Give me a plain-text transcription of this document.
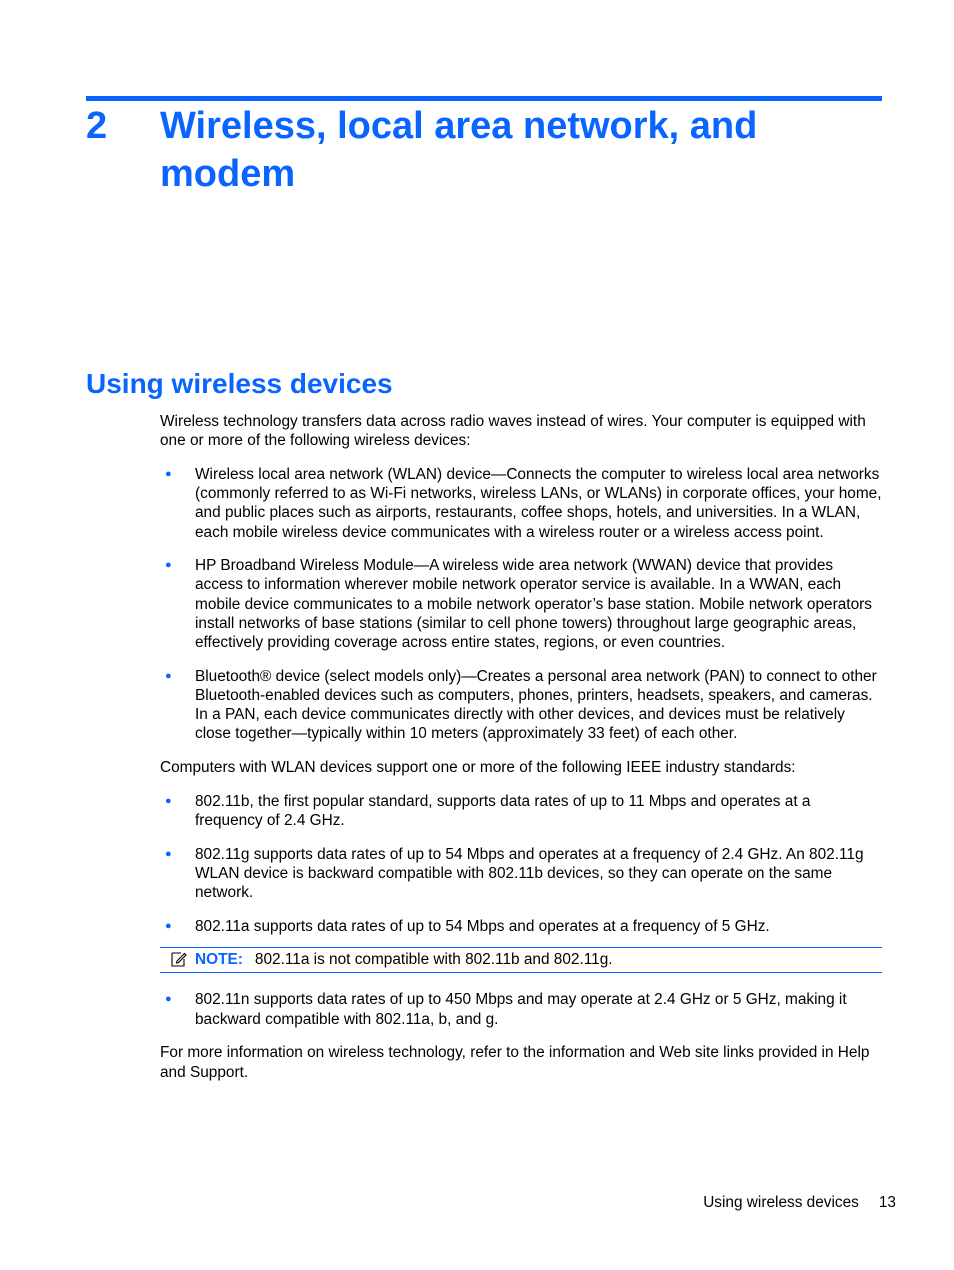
2 Wireless, local area network, and
modem
Using wireless devices

Wireless technology transfers data across radio waves instead of wires. Your computer is equipped with one or more of the following wireless devices:

● Wireless local area network (WLAN) device—Connects the computer to wireless local area networks (commonly referred to as Wi-Fi networks, wireless LANs, or WLANs) in corporate offices, your home, and public places such as airports, restaurants, coffee shops, hotels, and universities. In a WLAN, each mobile wireless device communicates with a wireless router or a wireless access point.
● HP Broadband Wireless Module—A wireless wide area network (WWAN) device that provides access to information wherever mobile network operator service is available. In a WWAN, each mobile device communicates to a mobile network operator’s base station. Mobile network operators install networks of base stations (similar to cell phone towers) throughout large geographic areas, effectively providing coverage across entire states, regions, or even countries.
● Bluetooth® device (select models only)—Creates a personal area network (PAN) to connect to other Bluetooth-enabled devices such as computers, phones, printers, headsets, speakers, and cameras. In a PAN, each device communicates directly with other devices, and devices must be relatively close together—typically within 10 meters (approximately 33 feet) of each other.

Computers with WLAN devices support one or more of the following IEEE industry standards:

● 802.11b, the first popular standard, supports data rates of up to 11 Mbps and operates at a frequency of 2.4 GHz.
● 802.11g supports data rates of up to 54 Mbps and operates at a frequency of 2.4 GHz. An 802.11g WLAN device is backward compatible with 802.11b devices, so they can operate on the same network.
● 802.11a supports data rates of up to 54 Mbps and operates at a frequency of 5 GHz.
NOTE: 802.11a is not compatible with 802.11b and 802.11g.
● 802.11n supports data rates of up to 450 Mbps and may operate at 2.4 GHz or 5 GHz, making it backward compatible with 802.11a, b, and g.

For more information on wireless technology, refer to the information and Web site links provided in Help and Support.

Using wireless devices 13
